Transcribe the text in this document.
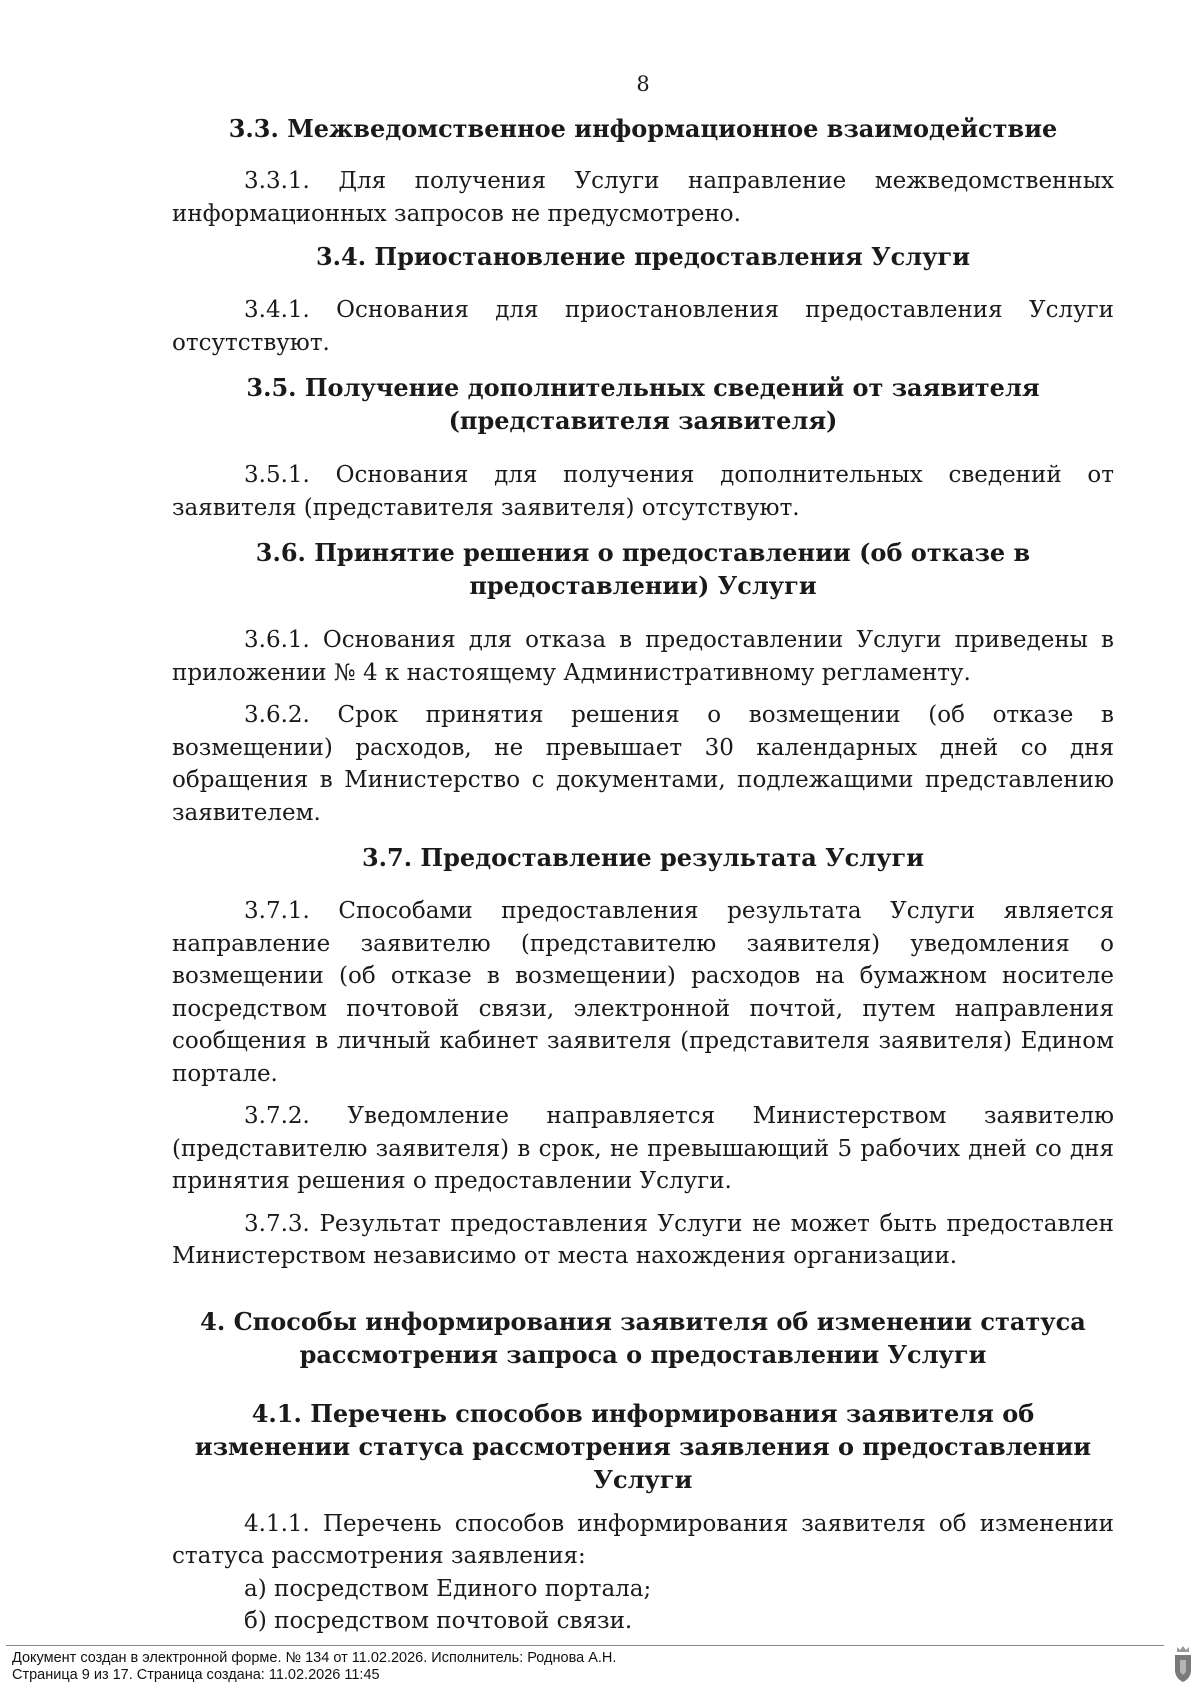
8
3.3. Межведомственное информационное взаимодействие

3.3.1. Для получения Услуги направление межведомственных информационных запросов не предусмотрено.

3.4. Приостановление предоставления Услуги

3.4.1. Основания для приостановления предоставления Услуги отсутствуют.

3.5. Получение дополнительных сведений от заявителя (представителя заявителя)

3.5.1. Основания для получения дополнительных сведений от заявителя (представителя заявителя) отсутствуют.

3.6. Принятие решения о предоставлении (об отказе в предоставлении) Услуги

3.6.1. Основания для отказа в предоставлении Услуги приведены в приложении № 4 к настоящему Административному регламенту.

3.6.2. Срок принятия решения о возмещении (об отказе в возмещении) расходов, не превышает 30 календарных дней со дня обращения в Министерство с документами, подлежащими представлению заявителем.

3.7. Предоставление результата Услуги

3.7.1. Способами предоставления результата Услуги является направление заявителю (представителю заявителя) уведомления о возмещении (об отказе в возмещении) расходов на бумажном носителе посредством почтовой связи, электронной почтой, путем направления сообщения в личный кабинет заявителя (представителя заявителя) Едином портале.

3.7.2. Уведомление направляется Министерством заявителю (представителю заявителя) в срок, не превышающий 5 рабочих дней со дня принятия решения о предоставлении Услуги.

3.7.3. Результат предоставления Услуги не может быть предоставлен Министерством независимо от места нахождения организации.

4. Способы информирования заявителя об изменении статуса рассмотрения запроса о предоставлении Услуги
4.1. Перечень способов информирования заявителя об изменении статуса рассмотрения заявления о предоставлении Услуги

4.1.1. Перечень способов информирования заявителя об изменении статуса рассмотрения заявления:

а) посредством Единого портала;
б) посредством почтовой связи.
Документ создан в электронной форме. № 134 от 11.02.2026. Исполнитель: Роднова А.Н.
Страница 9 из 17. Страница создана: 11.02.2026 11:45
